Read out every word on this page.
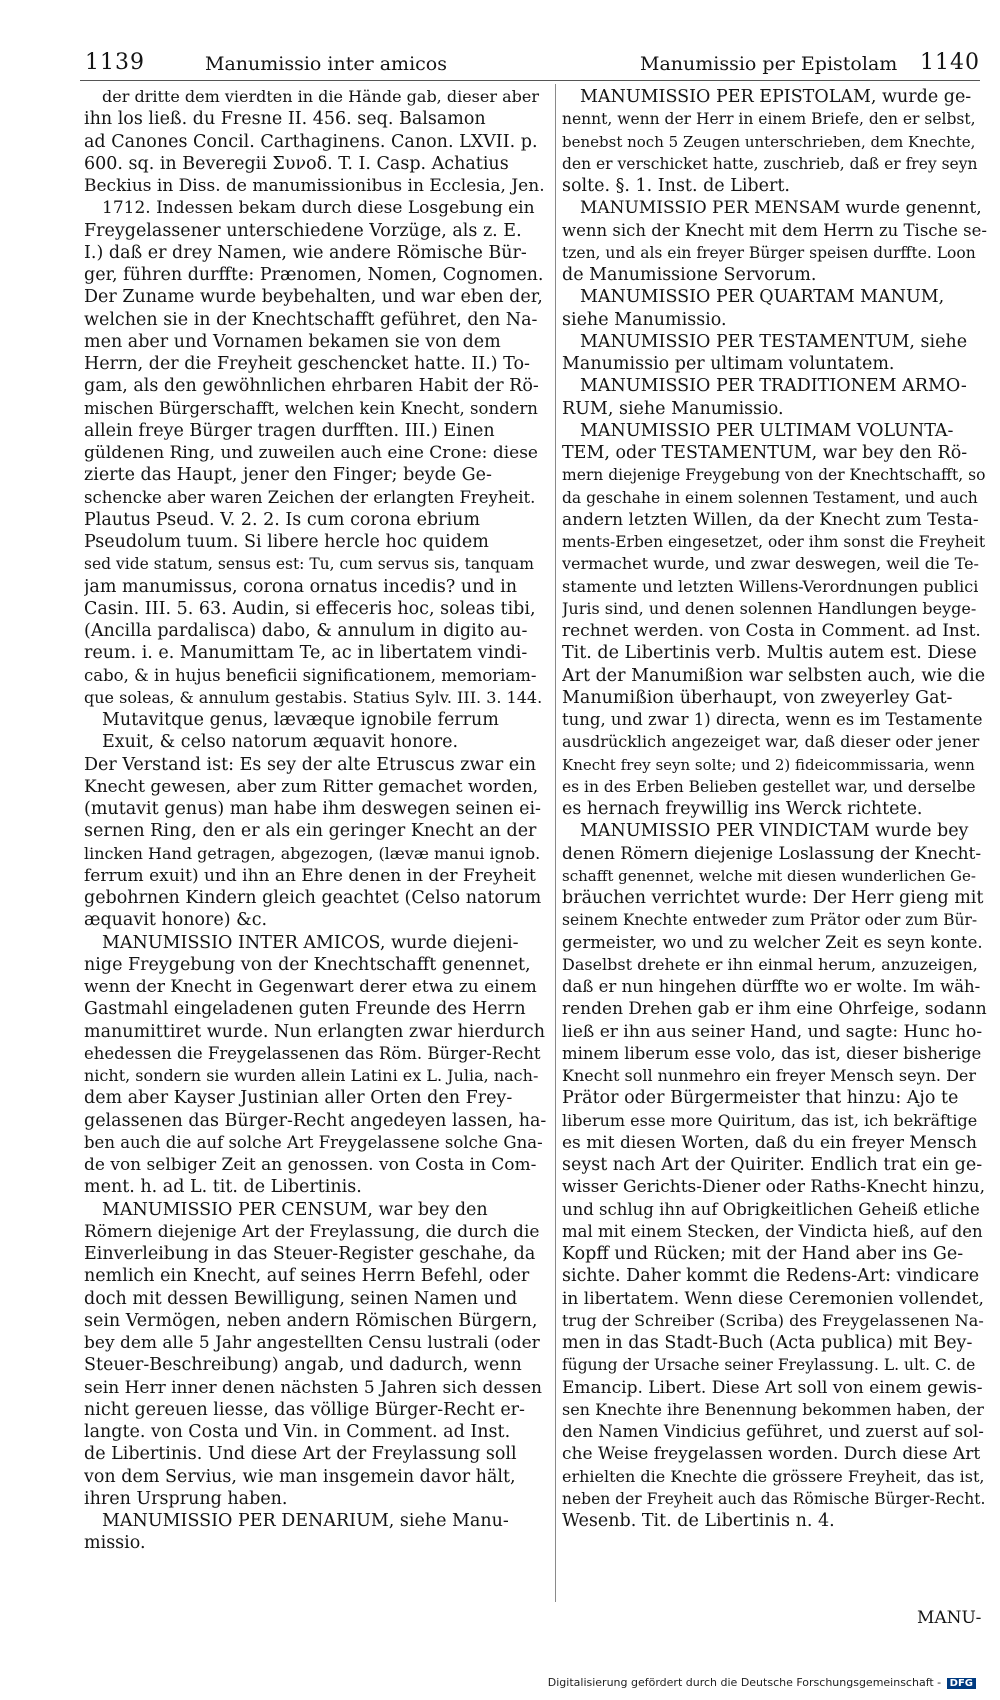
1139	Manumissio inter amicos	Manumissio per Epistolam 1140
der dritte dem vierdten in die Hände gab, dieser aber
ihn los ließ. du Fresne II. 456. seq. Balsamon
ad Canones Concil. Carthaginens. Canon. LXVII. p.
600. sq. in Beveregii Συνοδ. T. I. Casp. Achatius
Beckius in Diss. de manumissionibus in Ecclesia, Jen.
1712. Indessen bekam durch diese Losgebung ein
Freygelassener unterschiedene Vorzüge, als z. E.
I.) daß er drey Namen, wie andere Römische Bür-
ger, führen durffte: Prænomen, Nomen, Cognomen.
Der Zuname wurde beybehalten, und war eben der,
welchen sie in der Knechtschafft geführet, den Na-
men aber und Vornamen bekamen sie von dem
Herrn, der die Freyheit geschencket hatte. II.) To-
gam, als den gewöhnlichen ehrbaren Habit der Rö-
mischen Bürgerschafft, welchen kein Knecht, sondern
allein freye Bürger tragen durfften. III.) Einen
güldenen Ring, und zuweilen auch eine Crone: diese
zierte das Haupt, jener den Finger; beyde Ge-
schencke aber waren Zeichen der erlangten Freyheit.
Plautus Pseud. V. 2. 2. Is cum corona ebrium
Pseudolum tuum. Si libere hercle hoc quidem
sed vide statum, sensus est: Tu, cum servus sis, tanquam
jam manumissus, corona ornatus incedis? und in
Casin. III. 5. 63. Audin, si effeceris hoc, soleas tibi,
(Ancilla pardalisca) dabo, & annulum in digito au-
reum. i. e. Manumittam Te, ac in libertatem vindi-
cabo, & in hujus beneficii significationem, memoriam-
que soleas, & annulum gestabis. Statius Sylv. III. 3. 144.
Mutavitque genus, lævæque ignobile ferrum
Exuit, & celso natorum æquavit honore.
Der Verstand ist: Es sey der alte Etruscus zwar ein
Knecht gewesen, aber zum Ritter gemachet worden,
(mutavit genus) man habe ihm deswegen seinen ei-
sernen Ring, den er als ein geringer Knecht an der
lincken Hand getragen, abgezogen, (lævæ manui ignob.
ferrum exuit) und ihn an Ehre denen in der Freyheit
gebohrnen Kindern gleich geachtet (Celso natorum
æquavit honore) &c.
MANUMISSIO INTER AMICOS, wurde diejeni-
nige Freygebung von der Knechtschafft genennet,
wenn der Knecht in Gegenwart derer etwa zu einem
Gastmahl eingeladenen guten Freunde des Herrn
manumittiret wurde. Nun erlangten zwar hierdurch
ehedessen die Freygelassenen das Röm. Bürger-Recht
nicht, sondern sie wurden allein Latini ex L. Julia, nach-
dem aber Kayser Justinian aller Orten den Frey-
gelassenen das Bürger-Recht angedeyen lassen, ha-
ben auch die auf solche Art Freygelassene solche Gna-
de von selbiger Zeit an genossen. von Costa in Com-
ment. h. ad L. tit. de Libertinis.
MANUMISSIO PER CENSUM, war bey den
Römern diejenige Art der Freylassung, die durch die
Einverleibung in das Steuer-Register geschahe, da
nemlich ein Knecht, auf seines Herrn Befehl, oder
doch mit dessen Bewilligung, seinen Namen und
sein Vermögen, neben andern Römischen Bürgern,
bey dem alle 5 Jahr angestellten Censu lustrali (oder
Steuer-Beschreibung) angab, und dadurch, wenn
sein Herr inner denen nächsten 5 Jahren sich dessen
nicht gereuen liesse, das völlige Bürger-Recht er-
langte. von Costa und Vin. in Comment. ad Inst.
de Libertinis. Und diese Art der Freylassung soll
von dem Servius, wie man insgemein davor hält,
ihren Ursprung haben.
MANUMISSIO PER DENARIUM, siehe Manu-
missio.
MANUMISSIO PER EPISTOLAM, wurde ge-
nennt, wenn der Herr in einem Briefe, den er selbst,
benebst noch 5 Zeugen unterschrieben, dem Knechte,
den er verschicket hatte, zuschrieb, daß er frey seyn
solte. §. 1. Inst. de Libert.
MANUMISSIO PER MENSAM wurde genennt,
wenn sich der Knecht mit dem Herrn zu Tische se-
tzen, und als ein freyer Bürger speisen durffte. Loon
de Manumissione Servorum.
MANUMISSIO PER QUARTAM MANUM,
siehe Manumissio.
MANUMISSIO PER TESTAMENTUM, siehe
Manumissio per ultimam voluntatem.
MANUMISSIO PER TRADITIONEM ARMO-
RUM, siehe Manumissio.
MANUMISSIO PER ULTIMAM VOLUNTA-
TEM, oder TESTAMENTUM, war bey den Rö-
mern diejenige Freygebung von der Knechtschafft, so
da geschahe in einem solennen Testament, und auch
andern letzten Willen, da der Knecht zum Testa-
ments-Erben eingesetzet, oder ihm sonst die Freyheit
vermachet wurde, und zwar deswegen, weil die Te-
stamente und letzten Willens-Verordnungen publici
Juris sind, und denen solennen Handlungen beyge-
rechnet werden. von Costa in Comment. ad Inst.
Tit. de Libertinis verb. Multis autem est. Diese
Art der Manumißion war selbsten auch, wie die
Manumißion überhaupt, von zweyerley Gat-
tung, und zwar 1) directa, wenn es im Testamente
ausdrücklich angezeiget war, daß dieser oder jener
Knecht frey seyn solte; und 2) fideicommissaria, wenn
es in des Erben Belieben gestellet war, und derselbe
es hernach freywillig ins Werck richtete.
MANUMISSIO PER VINDICTAM wurde bey
denen Römern diejenige Loslassung der Knecht-
schafft genennet, welche mit diesen wunderlichen Ge-
bräuchen verrichtet wurde: Der Herr gieng mit
seinem Knechte entweder zum Prätor oder zum Bür-
germeister, wo und zu welcher Zeit es seyn konte.
Daselbst drehete er ihn einmal herum, anzuzeigen,
daß er nun hingehen dürffte wo er wolte. Im wäh-
renden Drehen gab er ihm eine Ohrfeige, sodann
ließ er ihn aus seiner Hand, und sagte: Hunc ho-
minem liberum esse volo, das ist, dieser bisherige
Knecht soll nunmehro ein freyer Mensch seyn. Der
Prätor oder Bürgermeister that hinzu: Ajo te
liberum esse more Quiritum, das ist, ich bekräftige
es mit diesen Worten, daß du ein freyer Mensch
seyst nach Art der Quiriter. Endlich trat ein ge-
wisser Gerichts-Diener oder Raths-Knecht hinzu,
und schlug ihn auf Obrigkeitlichen Geheiß etliche
mal mit einem Stecken, der Vindicta hieß, auf den
Kopff und Rücken; mit der Hand aber ins Ge-
sichte. Daher kommt die Redens-Art: vindicare
in libertatem. Wenn diese Ceremonien vollendet,
trug der Schreiber (Scriba) des Freygelassenen Na-
men in das Stadt-Buch (Acta publica) mit Bey-
fügung der Ursache seiner Freylassung. L. ult. C. de
Emancip. Libert. Diese Art soll von einem gewis-
sen Knechte ihre Benennung bekommen haben, der
den Namen Vindicius geführet, und zuerst auf sol-
che Weise freygelassen worden. Durch diese Art
erhielten die Knechte die grössere Freyheit, das ist,
neben der Freyheit auch das Römische Bürger-Recht.
Wesenb. Tit. de Libertinis n. 4.
MANU-
Digitalisierung gefördert durch die Deutsche Forschungsgemeinschaft - DFG
